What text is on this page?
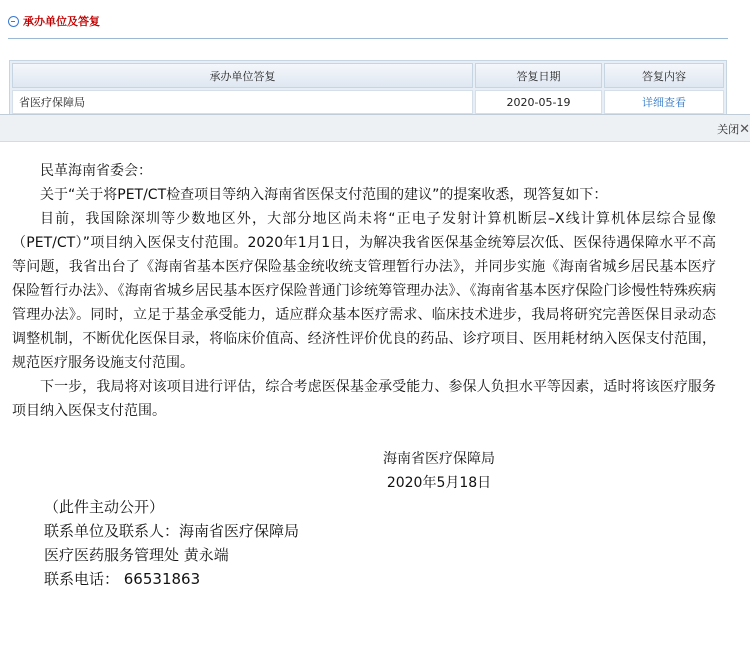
承办单位及答复
承办单位答复	答复日期	答复内容
省医疗保障局	2020-05-19	详细查看
关闭✕
民革海南省委会：
关于“关于将PET/CT检查项目等纳入海南省医保支付范围的建议”的提案收悉，现答复如下：
目前，我国除深圳等少数地区外，大部分地区尚未将“正电子发射计算机断层–X线计算机体层综合显像（PET/CT）”项目纳入医保支付范围。2020年1月1日，为解决我省医保基金统筹层次低、医保待遇保障水平不高等问题，我省出台了《海南省基本医疗保险基金统收统支管理暂行办法》，并同步实施《海南省城乡居民基本医疗保险暂行办法》、《海南省城乡居民基本医疗保险普通门诊统筹管理办法》、《海南省基本医疗保险门诊慢性特殊疾病管理办法》。同时，立足于基金承受能力，适应群众基本医疗需求、临床技术进步，我局将研究完善医保目录动态调整机制，不断优化医保目录，将临床价值高、经济性评价优良的药品、诊疗项目、医用耗材纳入医保支付范围，规范医疗服务设施支付范围。
下一步，我局将对该项目进行评估，综合考虑医保基金承受能力、参保人负担水平等因素，适时将该医疗服务项目纳入医保支付范围。
海南省医疗保障局
2020年5月18日
（此件主动公开）
联系单位及联系人：海南省医疗保障局
医疗医药服务管理处 黄永端
联系电话： 66531863
